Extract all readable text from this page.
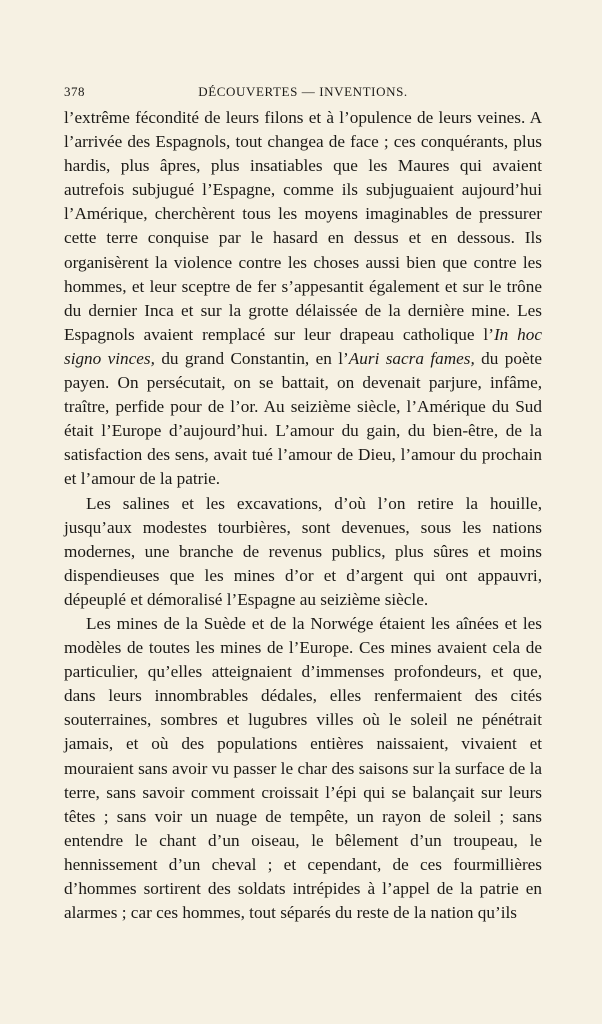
378	DÉCOUVERTES — INVENTIONS.

l’extrême fécondité de leurs filons et à l’opulence de leurs veines. A l’arrivée des Espagnols, tout changea de face ; ces conquérants, plus hardis, plus âpres, plus insatiables que les Maures qui avaient autrefois subjugué l’Espagne, comme ils subjuguaient aujourd’hui l’Amérique, cherchèrent tous les moyens imaginables de pressurer cette terre conquise par le hasard en dessus et en dessous. Ils organisèrent la violence contre les choses aussi bien que contre les hommes, et leur sceptre de fer s’appesantit également et sur le trône du dernier Inca et sur la grotte délaissée de la dernière mine. Les Espagnols avaient remplacé sur leur drapeau catholique l’In hoc signo vinces, du grand Constantin, en l’Auri sacra fames, du poète payen. On persécutait, on se battait, on devenait parjure, infâme, traître, perfide pour de l’or. Au seizième siècle, l’Amérique du Sud était l’Europe d’aujourd’hui. L’amour du gain, du bien-être, de la satisfaction des sens, avait tué l’amour de Dieu, l’amour du prochain et l’amour de la patrie.

Les salines et les excavations, d’où l’on retire la houille, jusqu’aux modestes tourbières, sont devenues, sous les nations modernes, une branche de revenus publics, plus sûres et moins dispendieuses que les mines d’or et d’argent qui ont appauvri, dépeuplé et démoralisé l’Espagne au seizième siècle.

Les mines de la Suède et de la Norwége étaient les aînées et les modèles de toutes les mines de l’Europe. Ces mines avaient cela de particulier, qu’elles atteignaient d’immenses profondeurs, et que, dans leurs innombrables dédales, elles renfermaient des cités souterraines, sombres et lugubres villes où le soleil ne pénétrait jamais, et où des populations entières naissaient, vivaient et mouraient sans avoir vu passer le char des saisons sur la surface de la terre, sans savoir comment croissait l’épi qui se balançait sur leurs têtes ; sans voir un nuage de tempête, un rayon de soleil ; sans entendre le chant d’un oiseau, le bêlement d’un troupeau, le hennissement d’un cheval ; et cependant, de ces fourmillières d’hommes sortirent des soldats intrépides à l’appel de la patrie en alarmes ; car ces hommes, tout séparés du reste de la nation qu’ils
